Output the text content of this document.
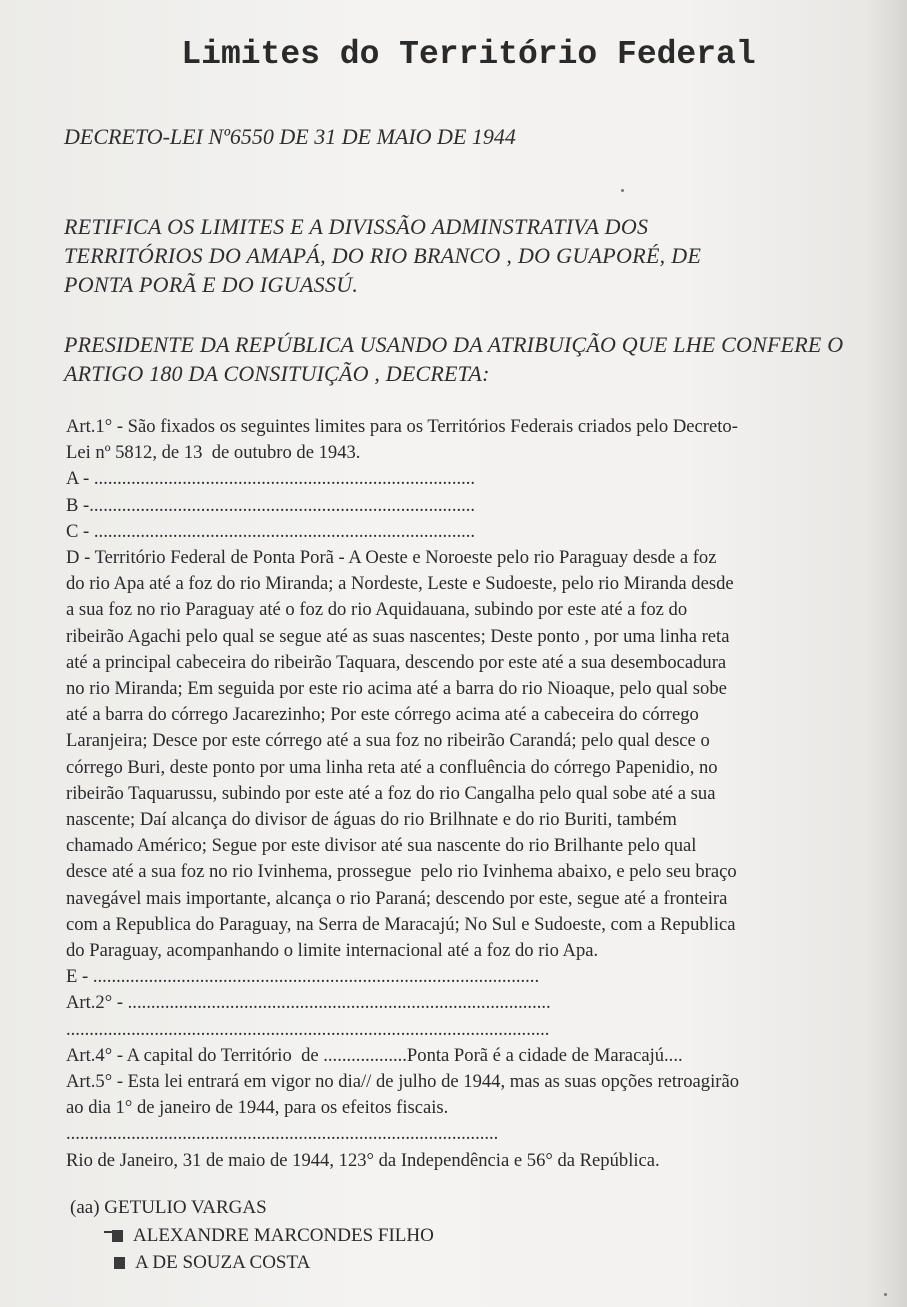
Limites do Território Federal
DECRETO-LEI Nº6550 DE 31 DE MAIO DE 1944
RETIFICA OS LIMITES E A DIVISSÃO ADMINSTRATIVA DOS
TERRITÓRIOS DO AMAPÁ, DO RIO BRANCO , DO GUAPORÉ, DE
PONTA PORÃ E DO IGUASSÚ.
PRESIDENTE DA REPÚBLICA USANDO DA ATRIBUIÇÃO QUE LHE CONFERE O
ARTIGO 180 DA CONSITUIÇÃO , DECRETA:

Art.1° - São fixados os seguintes limites para os Territórios Federais criados pelo Decreto-

Lei nº 5812, de 13  de outubro de 1943.

A - ..................................................................................

B -...................................................................................

C - ..................................................................................

D - Território Federal de Ponta Porã - A Oeste e Noroeste pelo rio Paraguay desde a foz

do rio Apa até a foz do rio Miranda; a Nordeste, Leste e Sudoeste, pelo rio Miranda desde

a sua foz no rio Paraguay até o foz do rio Aquidauana, subindo por este até a foz do

ribeirão Agachi pelo qual se segue até as suas nascentes; Deste ponto , por uma linha reta

até a principal cabeceira do ribeirão Taquara, descendo por este até a sua desembocadura

no rio Miranda; Em seguida por este rio acima até a barra do rio Nioaque, pelo qual sobe

até a barra do córrego Jacarezinho; Por este córrego acima até a cabeceira do córrego

Laranjeira; Desce por este córrego até a sua foz no ribeirão Carandá; pelo qual desce o

córrego Buri, deste ponto por uma linha reta até a confluência do córrego Papenidio, no

ribeirão Taquarussu, subindo por este até a foz do rio Cangalha pelo qual sobe até a sua

nascente; Daí alcança do divisor de águas do rio Brilhnate e do rio Buriti, também

chamado Américo; Segue por este divisor até sua nascente do rio Brilhante pelo qual

desce até a sua foz no rio Ivinhema, prossegue  pelo rio Ivinhema abaixo, e pelo seu braço

navegável mais importante, alcança o rio Paraná; descendo por este, segue até a fronteira

com a Republica do Paraguay, na Serra de Maracajú; No Sul e Sudoeste, com a Republica

do Paraguay, acompanhando o limite internacional até a foz do rio Apa.

E - ................................................................................................

Art.2° - ...........................................................................................

........................................................................................................

Art.4° - A capital do Território  de ..................Ponta Porã é a cidade de Maracajú....

Art.5° - Esta lei entrará em vigor no dia// de julho de 1944, mas as suas opções retroagirão

ao dia 1° de janeiro de 1944, para os efeitos fiscais.

.............................................................................................

Rio de Janeiro, 31 de maio de 1944, 123° da Independência e 56° da República.

(aa) GETULIO VARGAS
ALEXANDRE MARCONDES FILHO
A DE SOUZA COSTA
